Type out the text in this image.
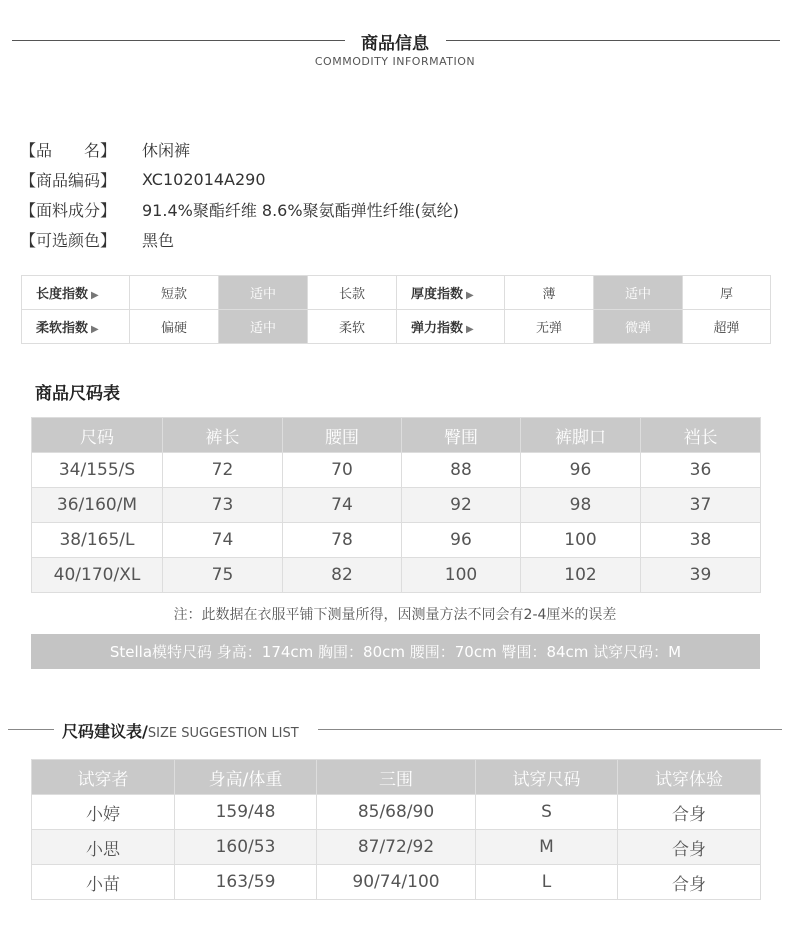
商品信息
COMMODITY INFORMATION
【品　　名】	休闲裤
【商品编码】	XC102014A290
【面料成分】	91.4%聚酯纤维 8.6%聚氨酯弹性纤维(氨纶)
【可选颜色】	黑色
长度指数 ▶	短款	适中	长款	厚度指数 ▶	薄	适中	厚
柔软指数 ▶	偏硬	适中	柔软	弹力指数 ▶	无弹	微弹	超弹
商品尺码表
尺码	裤长	腰围	臀围	裤脚口	裆长
34/155/S	72	70	88	96	36
36/160/M	73	74	92	98	37
38/165/L	74	78	96	100	38
40/170/XL	75	82	100	102	39
注：此数据在衣服平铺下测量所得，因测量方法不同会有2-4厘米的误差
Stella模特尺码 身高：174cm 胸围：80cm 腰围：70cm 臀围：84cm 试穿尺码：M
尺码建议表/SIZE SUGGESTION LIST
试穿者	身高/体重	三围	试穿尺码	试穿体验
小婷	159/48	85/68/90	S	合身
小思	160/53	87/72/92	M	合身
小苗	163/59	90/74/100	L	合身
